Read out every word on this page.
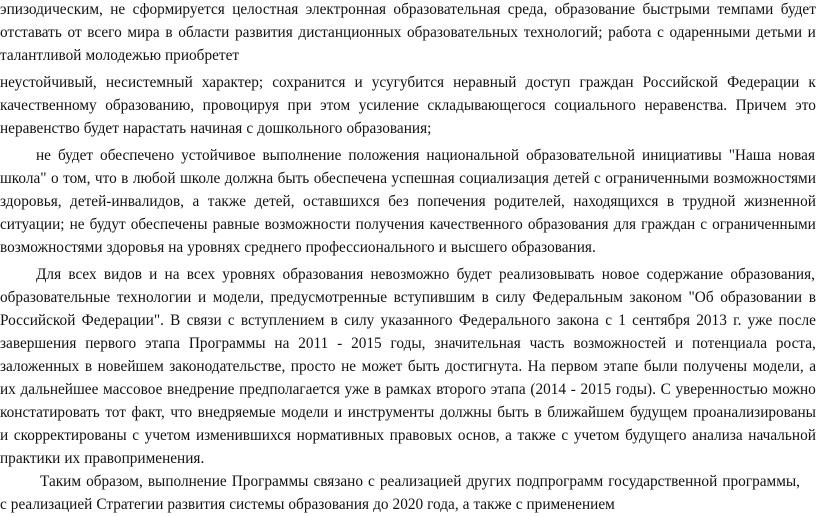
эпизодическим, не сформируется целостная электронная образовательная среда, образование быстрыми темпами будет
отставать от всего мира в области развития дистанционных образовательных технологий; работа с одаренными детьми и
талантливой молодежью приобретет
неустойчивый, несистемный характер; сохранится и усугубится неравный доступ граждан Российской Федерации к
качественному образованию, провоцируя при этом усиление складывающегося социального неравенства. Причем это
неравенство будет нарастать начиная с дошкольного образования;
не будет обеспечено устойчивое выполнение положения национальной образовательной инициативы "Наша новая
школа" о том, что в любой школе должна быть обеспечена успешная социализация детей с ограниченными возможностями
здоровья, детей-инвалидов, а также детей, оставшихся без попечения родителей, находящихся в трудной жизненной
ситуации; не будут обеспечены равные возможности получения качественного образования для граждан с ограниченными
возможностями здоровья на уровнях среднего профессионального и высшего образования.
Для всех видов и на всех уровнях образования невозможно будет реализовывать новое содержание образования,
образовательные технологии и модели, предусмотренные вступившим в силу Федеральным законом "Об образовании в
Российской Федерации". В связи с вступлением в силу указанного Федерального закона с 1 сентября 2013 г. уже после
завершения первого этапа Программы на 2011 - 2015 годы, значительная часть возможностей и потенциала роста,
заложенных в новейшем законодательстве, просто не может быть достигнута. На первом этапе были получены модели, а
их дальнейшее массовое внедрение предполагается уже в рамках второго этапа (2014 - 2015 годы). С уверенностью можно
констатировать тот факт, что внедряемые модели и инструменты должны быть в ближайшем будущем проанализированы
и скорректированы с учетом изменившихся нормативных правовых основ, а также с учетом будущего анализа начальной
практики их правоприменения.
Таким образом, выполнение Программы связано с реализацией других подпрограмм государственной программы,
с реализацией Стратегии развития системы образования до 2020 года, а также с применением
